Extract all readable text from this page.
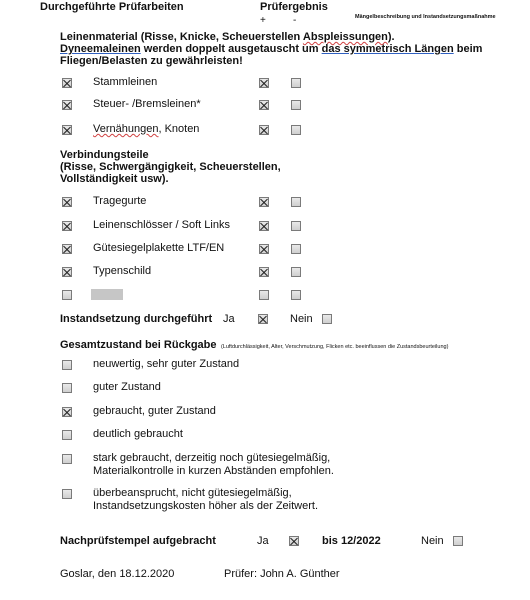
Durchgeführte Prüfarbeiten	Prüfergebnis
Mängelbeschreibung und Instandsetzungsmaßnahme
+	-
Leinenmaterial (Risse, Knicke, Scheuerstellen Abspleissungen).
Dyneemaleinen werden doppelt ausgetauscht um das symmetrisch Längen beim
Fliegen/Belasten zu gewährleisten!
Stammleinen
Steuer- /Bremsleinen*
Vernähungen, Knoten
Verbindungsteile
(Risse, Schwergängigkeit, Scheuerstellen,
Vollständigkeit usw).
Tragegurte
Leinenschlösser / Soft Links
Gütesiegelplakette LTF/EN
Typenschild
Instandsetzung durchgeführt Ja	Nein
Gesamtzustand bei Rückgabe (Luftdurchlässigkeit, Alter, Verschmutzung, Flicken etc. beeinflussen die Zustandsbeurteilung)
neuwertig, sehr guter Zustand
guter Zustand
gebraucht, guter Zustand
deutlich gebraucht
stark gebraucht, derzeitig noch gütesiegelmäßig,
Materialkontrolle in kurzen Abständen empfohlen.
überbeansprucht, nicht gütesiegelmäßig,
Instandsetzungskosten höher als der Zeitwert.
Nachprüfstempel aufgebracht	Ja	bis 12/2022	Nein
Goslar, den 18.12.2020	Prüfer: John A. Günther
